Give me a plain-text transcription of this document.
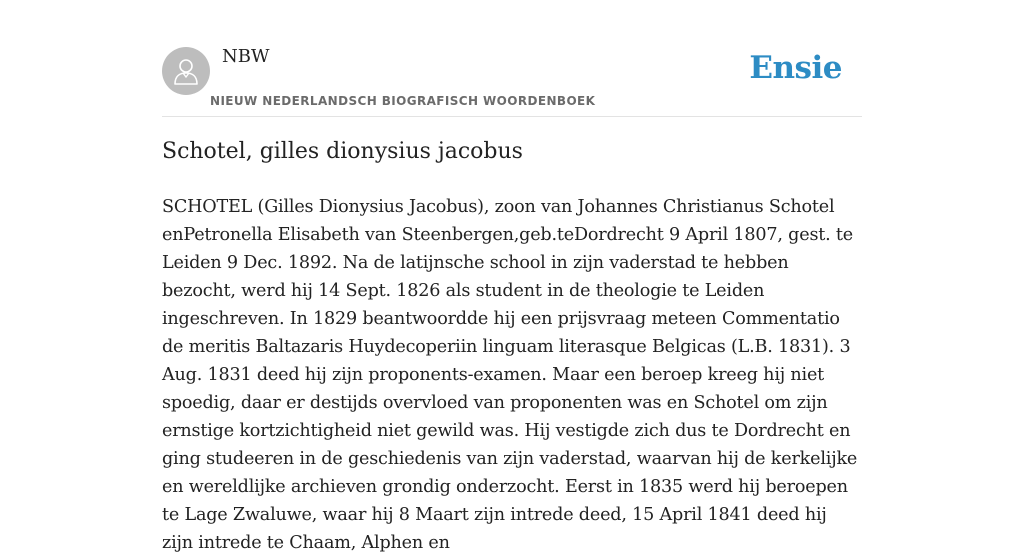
NBW
NIEUW NEDERLANDSCH BIOGRAFISCH WOORDENBOEK
Ensie
Schotel, gilles dionysius jacobus

SCHOTEL (Gilles Dionysius Jacobus), zoon van Johannes Christianus Schotel enPetronella Elisabeth van Steenbergen,geb.teDordrecht 9 April 1807, gest. te Leiden 9 Dec. 1892. Na de latijnsche school in zijn vaderstad te hebben bezocht, werd hij 14 Sept. 1826 als student in de theologie te Leiden ingeschreven. In 1829 beantwoordde hij een prijsvraag meteen Commentatio de meritis Baltazaris Huydecoperiin linguam literasque Belgicas (L.B. 1831). 3 Aug. 1831 deed hij zijn proponents-examen. Maar een beroep kreeg hij niet spoedig, daar er destijds overvloed van proponenten was en Schotel om zijn ernstige kortzichtigheid niet gewild was. Hij vestigde zich dus te Dordrecht en ging studeeren in de geschiedenis van zijn vaderstad, waarvan hij de kerkelijke en wereldlijke archieven grondig onderzocht. Eerst in 1835 werd hij beroepen te Lage Zwaluwe, waar hij 8 Maart zijn intrede deed, 15 April 1841 deed hij zijn intrede te Chaam, Alphen en
